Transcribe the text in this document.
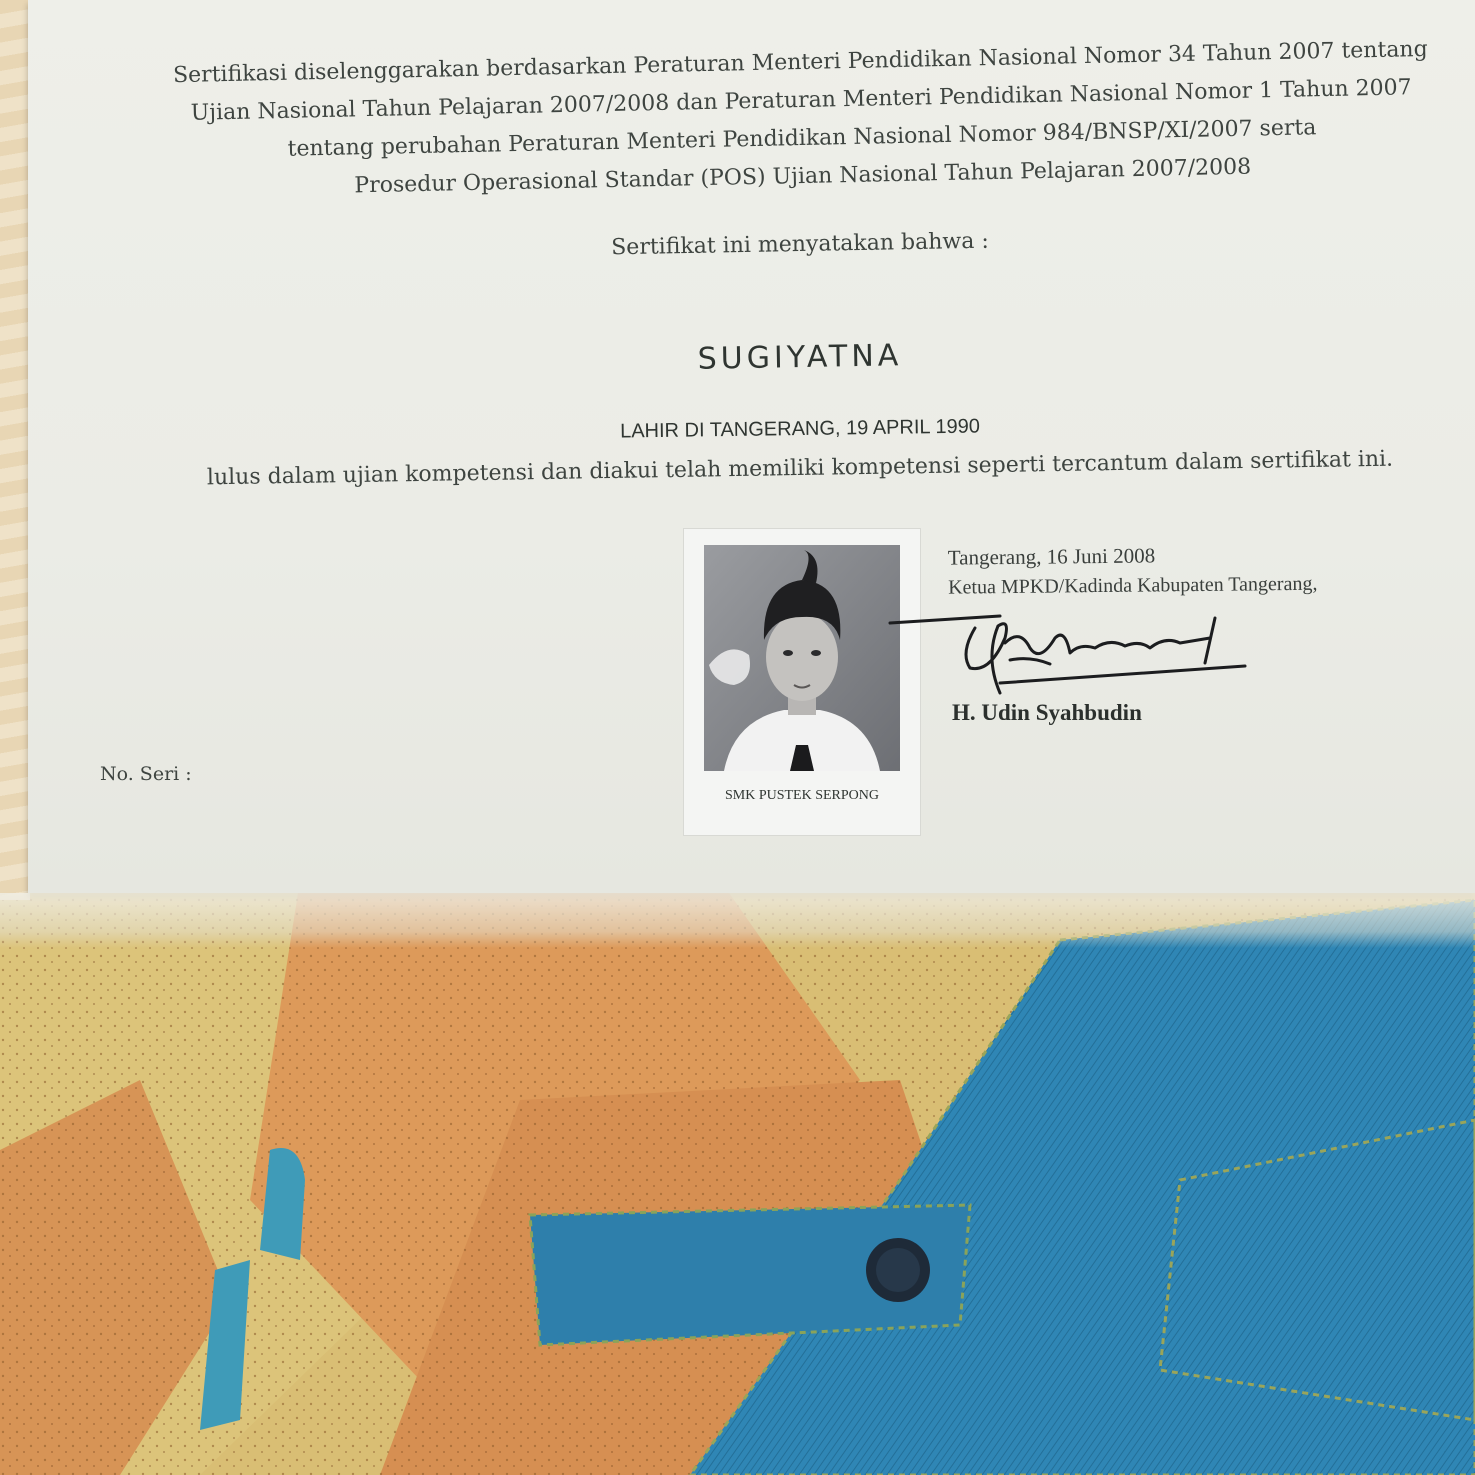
Sertifikasi diselenggarakan berdasarkan Peraturan Menteri Pendidikan Nasional Nomor 34 Tahun 2007 tentang
Ujian Nasional Tahun Pelajaran 2007/2008 dan Peraturan Menteri Pendidikan Nasional Nomor 1 Tahun 2007
tentang perubahan Peraturan Menteri Pendidikan Nasional Nomor 984/BNSP/XI/2007 serta
Prosedur Operasional Standar (POS) Ujian Nasional Tahun Pelajaran 2007/2008
Sertifikat ini menyatakan bahwa :
SUGIYATNA
LAHIR DI TANGERANG, 19 APRIL 1990
lulus dalam ujian kompetensi dan diakui telah memiliki kompetensi seperti tercantum dalam sertifikat ini.
SMK PUSTEK SERPONG
Tangerang, 16 Juni 2008
Ketua MPKD/Kadinda Kabupaten Tangerang,
H. Udin Syahbudin
No. Seri :
